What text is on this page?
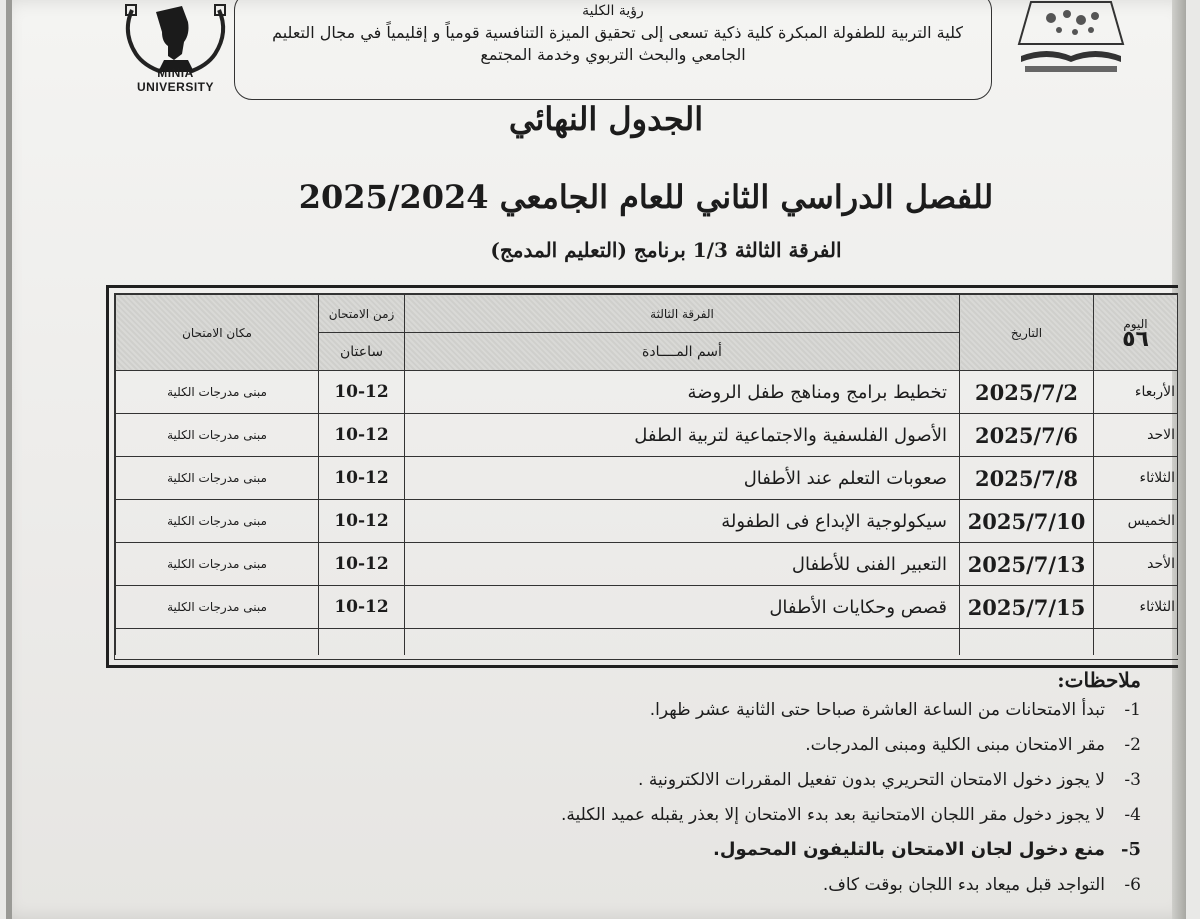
MINIA UNIVERSITY
رؤية الكلية
كلية التربية للطفولة المبكرة كلية ذكية تسعى إلى تحقيق الميزة التنافسية قومياً و إقليمياً في مجال التعليم
الجامعي والبحث التربوي وخدمة المجتمع
الجدول النهائي
للفصل الدراسي الثاني للعام الجامعي 2025/2024
الفرقة الثالثة 1/3 برنامج (التعليم المدمج)
اليوم
٥٦	التاريخ	الفرقة الثالثة	زمن الامتحان	مكان الامتحان
		أسم المــــادة	ساعتان	
الأربعاء	2025/7/2	تخطيط برامج ومناهج طفل الروضة	10-12	مبنى مدرجات الكلية
الاحد	2025/7/6	الأصول الفلسفية والاجتماعية لتربية الطفل	10-12	مبنى مدرجات الكلية
الثلاثاء	2025/7/8	صعوبات التعلم عند الأطفال	10-12	مبنى مدرجات الكلية
الخميس	2025/7/10	سيكولوجية الإبداع فى الطفولة	10-12	مبنى مدرجات الكلية
الأحد	2025/7/13	التعبير الفنى للأطفال	10-12	مبنى مدرجات الكلية
الثلاثاء	2025/7/15	قصص وحكايات الأطفال	10-12	مبنى مدرجات الكلية

ملاحظات:
1-تبدأ الامتحانات من الساعة العاشرة صباحا حتى الثانية عشر ظهرا.
2-مقر الامتحان مبنى الكلية ومبنى المدرجات.
3-لا يجوز دخول الامتحان التحريري بدون تفعيل المقررات الالكترونية .
4-لا يجوز دخول مقر اللجان الامتحانية بعد بدء الامتحان إلا بعذر يقبله عميد الكلية.
5-منع دخول لجان الامتحان بالتليفون المحمول.
6-التواجد قبل ميعاد بدء اللجان بوقت كاف.
